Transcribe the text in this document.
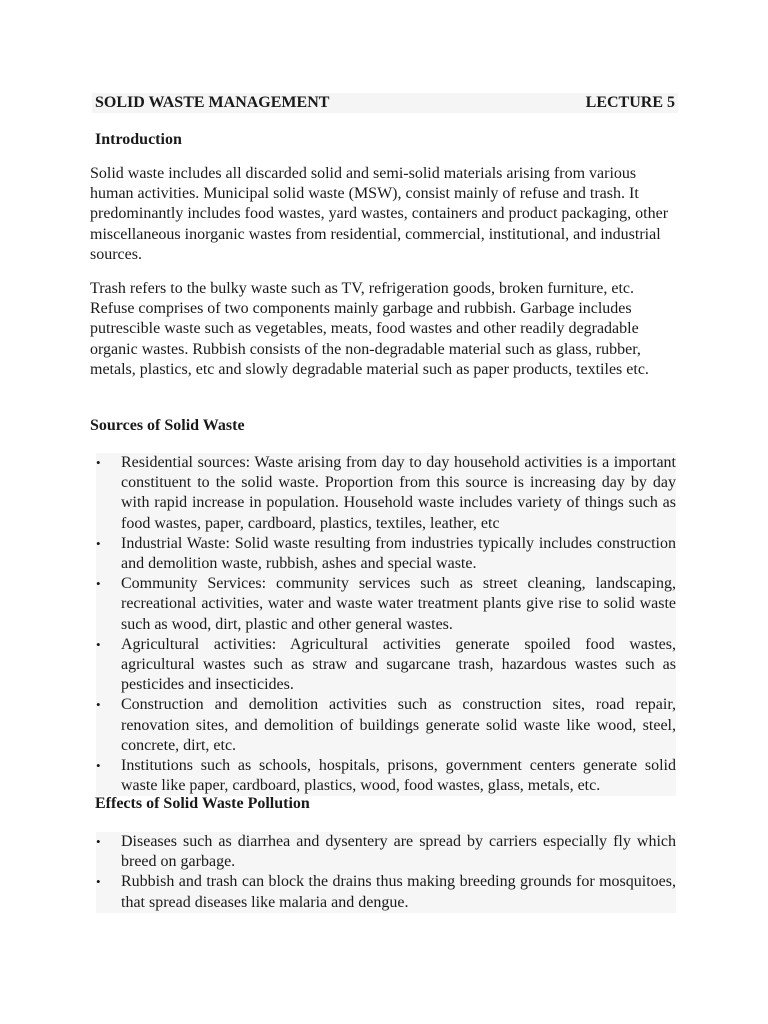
SOLID WASTE MANAGEMENT	LECTURE 5
Introduction

Solid waste includes all discarded solid and semi-solid materials arising from various human activities. Municipal solid waste (MSW), consist mainly of refuse and trash. It predominantly includes food wastes, yard wastes, containers and product packaging, other miscellaneous inorganic wastes from residential, commercial, institutional, and industrial sources.

Trash refers to the bulky waste such as TV, refrigeration goods, broken furniture, etc. Refuse comprises of two components mainly garbage and rubbish. Garbage includes putrescible waste such as vegetables, meats, food wastes and other readily degradable organic wastes. Rubbish consists of the non-degradable material such as glass, rubber, metals, plastics, etc and slowly degradable material such as paper products, textiles etc.

Sources of Solid Waste
• Residential sources: Waste arising from day to day household activities is a important constituent to the solid waste. Proportion from this source is increasing day by day with rapid increase in population. Household waste includes variety of things such as food wastes, paper, cardboard, plastics, textiles, leather, etc
• Industrial Waste: Solid waste resulting from industries typically includes construction and demolition waste, rubbish, ashes and special waste.
• Community Services: community services such as street cleaning, landscaping, recreational activities, water and waste water treatment plants give rise to solid waste such as wood, dirt, plastic and other general wastes.
• Agricultural activities: Agricultural activities generate spoiled food wastes, agricultural wastes such as straw and sugarcane trash, hazardous wastes such as pesticides and insecticides.
• Construction and demolition activities such as construction sites, road repair, renovation sites, and demolition of buildings generate solid waste like wood, steel, concrete, dirt, etc.
• Institutions such as schools, hospitals, prisons, government centers generate solid waste like paper, cardboard, plastics, wood, food wastes, glass, metals, etc.
Effects of Solid Waste Pollution
• Diseases such as diarrhea and dysentery are spread by carriers especially fly which breed on garbage.
• Rubbish and trash can block the drains thus making breeding grounds for mosquitoes, that spread diseases like malaria and dengue.
